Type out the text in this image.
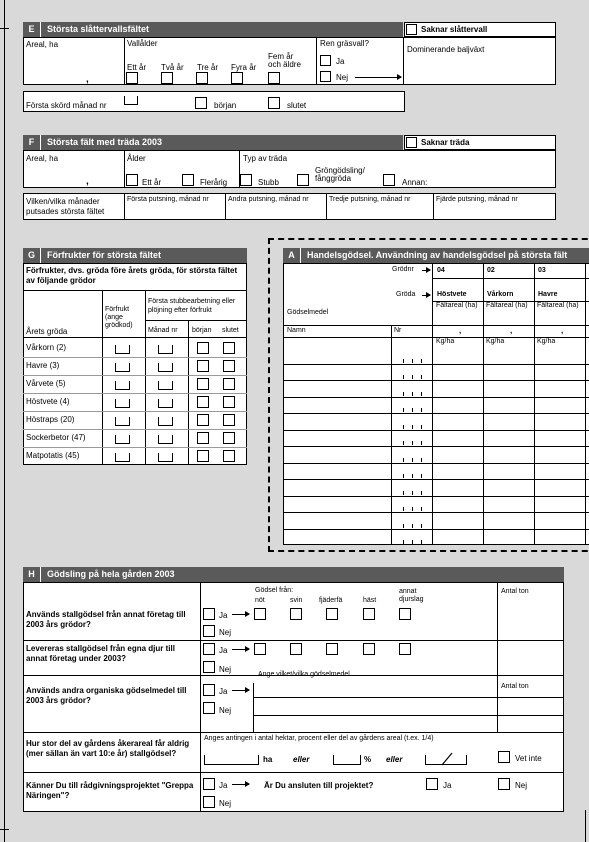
E Största slåttervallsfältet	Saknar slåttervall
Areal, ha
,
Vallålder
Ett år Två år Tre år Fyra år
Fem år och äldre
Ren gräsvall?
Ja
Nej
Dominerande baljväxt
Första skörd månad nr	början	slutet
F Största fält med träda 2003	Saknar träda
Areal, ha
,
Ålder
Ett år	Flerårig
Typ av träda
Stubb
Gröngödsling/ fånggröda	Annan:
Vilken/vilka månader putsades största fältet
Första putsning, månad nr	Andra putsning, månad nr	Tredje putsning, månad nr	Fjärde putsning, månad nr
G Förfrukter för största fältet
Förfrukter, dvs. gröda före årets gröda, för största fältet av följande grödor
Årets gröda
Förfrukt (ange grödkod)
Första stubbearbetning eller plöjning efter förfrukt
Månad nr början slutet
Vårkorn (2)
Havre (3)
Vårvete (5)
Höstvete (4)
Höstraps (20)
Sockerbetor (47)
Matpotatis (45)
A Handelsgödsel. Användning av handelsgödsel på största fält
Grödnr
Gröda
Gödselmedel
Namn	Nr
04	02	03
Höstvete	Vårkorn	Havre
Fältareal (ha) Fältareal (ha) Fältareal (ha)
,	,	,
Kg/ha	Kg/ha	Kg/ha
H Gödsling på hela gården 2003
Används stallgödsel från annat företag till 2003 års grödor?
Ja
Nej
Gödsel från:
nöt	svin fjäderfä	häst
annat djurslag
Antal ton
Levereras stallgödsel från egna djur till annat företag under 2003?
Ja
Nej
Används andra organiska gödselmedel till 2003 års grödor?
Ja
Nej
Ange vilket/vilka gödselmedel
Antal ton
Hur stor del av gårdens åkerareal får aldrig (mer sällan än vart 10:e år) stallgödsel?
Anges antingen i antal hektar, procent eller del av gårdens areal (t.ex. 1/4)
ha	eller	% eller	Vet inte
Känner Du till rådgivningsprojektet "Greppa Näringen"?
Ja	Är Du ansluten till projektet?	Ja	Nej
Nej
